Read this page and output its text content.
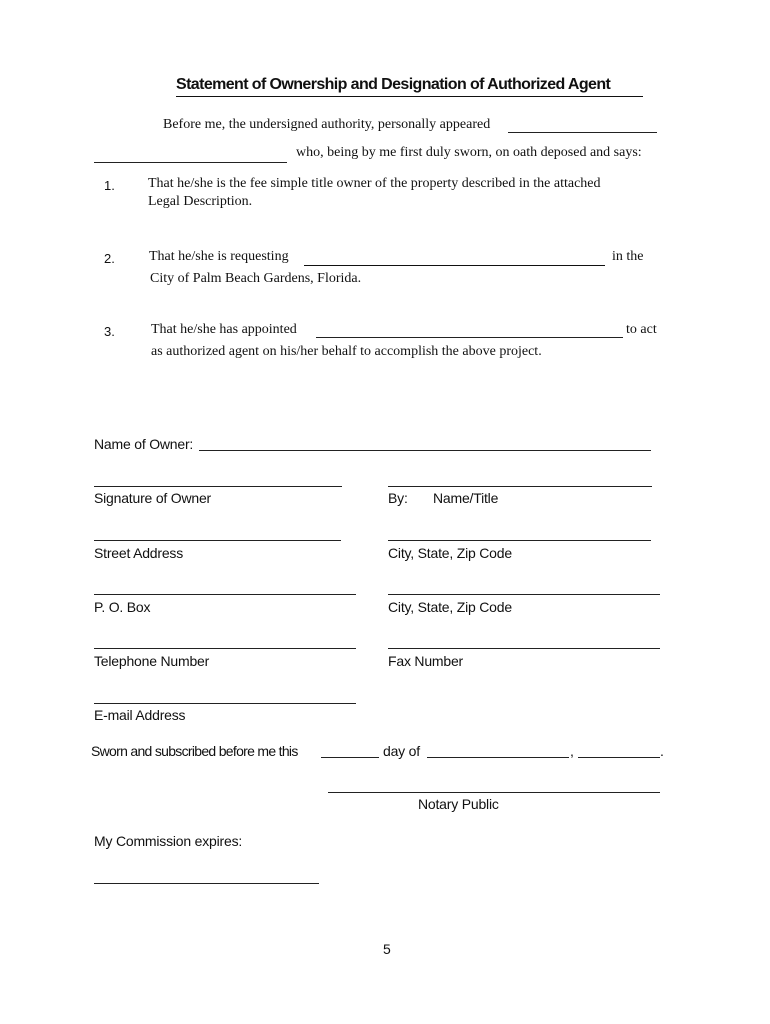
Statement of Ownership and Designation of Authorized Agent
Before me, the undersigned authority, personally appeared
who, being by me first duly sworn, on oath deposed and says:
1. That he/she is the fee simple title owner of the property described in the attached
Legal Description.
2. That he/she is requesting	in the
City of Palm Beach Gardens, Florida.
3.	That he/she has appointed	to act
as authorized agent on his/her behalf to accomplish the above project.
Name of Owner:
Signature of Owner	By: Name/Title
Street Address	City, State, Zip Code
P. O. Box	City, State, Zip Code
Telephone Number	Fax Number
E-mail Address
Sworn and subscribed before me this	day of	,	.
Notary Public
My Commission expires:
5
